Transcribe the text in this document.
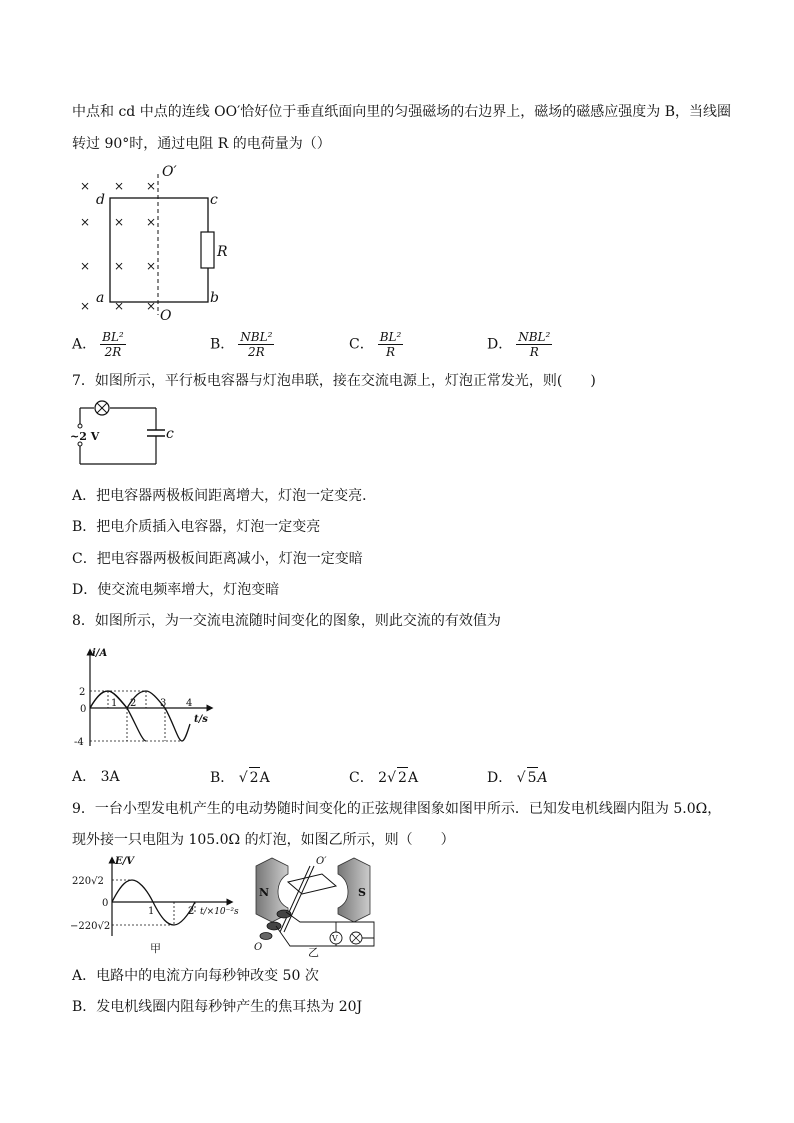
中点和 cd 中点的连线 OO′恰好位于垂直纸面向里的匀强磁场的右边界上，磁场的磁感应强度为 B，当线圈
转过 90°时，通过电阻 R 的电荷量为（）
× × ×
× × ×
× × ×
× × ×
O′
O
d	c
a	b
R
A． $\frac{\text{BL²}}{2R}$	B． $\frac{\text{NBL²}}{2R}$	C． $\frac{\text{BL²}}{R}$	D． $\frac{\text{NBL²}}{R}$
7．如图所示，平行板电容器与灯泡串联，接在交流电源上，灯泡正常发光，则(　　)
~2 V	c
A．把电容器两极板间距离增大，灯泡一定变亮．
B．把电介质插入电容器，灯泡一定变亮
C．把电容器两极板间距离减小，灯泡一定变暗
D．使交流电频率增大，灯泡变暗
8．如图所示，为一交流电流随时间变化的图象，则此交流的有效值为
i/A
t/s
2
0
-4
1 2 3 4
A． 3A	B． √ 2A	C． 2√ 2A	D． √ 5A
9．一台小型发电机产生的电动势随时间变化的正弦规律图象如图甲所示．已知发电机线圈内阻为 5.0Ω，
现外接一只电阻为 105.0Ω 的灯泡，如图乙所示，则（　　）
E/V
220√2
0
−220√2
1	2 t/×10⁻²s
甲
N	S
O′
O
V
乙
A．电路中的电流方向每秒钟改变 50 次
B．发电机线圈内阻每秒钟产生的焦耳热为 20J
